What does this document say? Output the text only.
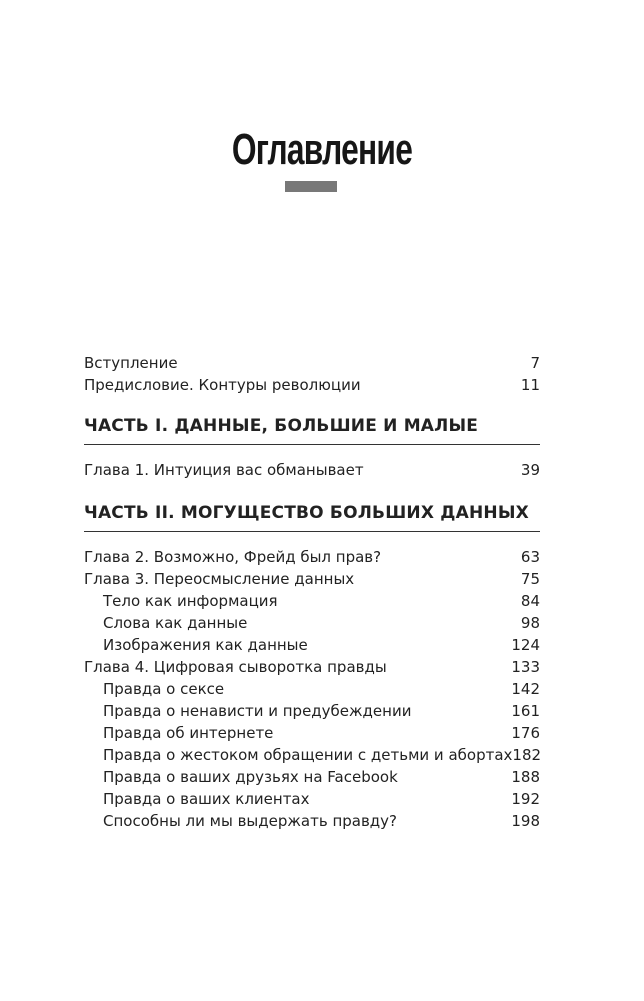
Оглавление
Вступление	7
Предисловие. Контуры революции	11
ЧАСТЬ I. ДАННЫЕ, БОЛЬШИЕ И МАЛЫЕ
Глава 1. Интуиция вас обманывает	39
ЧАСТЬ II. МОГУЩЕСТВО БОЛЬШИХ ДАННЫХ
Глава 2. Возможно, Фрейд был прав?	63
Глава 3. Переосмысление данных	75
Тело как информация	84
Слова как данные	98
Изображения как данные	124
Глава 4. Цифровая сыворотка правды	133
Правда о сексе	142
Правда о ненависти и предубеждении	161
Правда об интернете	176
Правда о жестоком обращении с детьми и абортах 182
Правда о ваших друзьях на Facebook	188
Правда о ваших клиентах	192
Способны ли мы выдержать правду?	198
